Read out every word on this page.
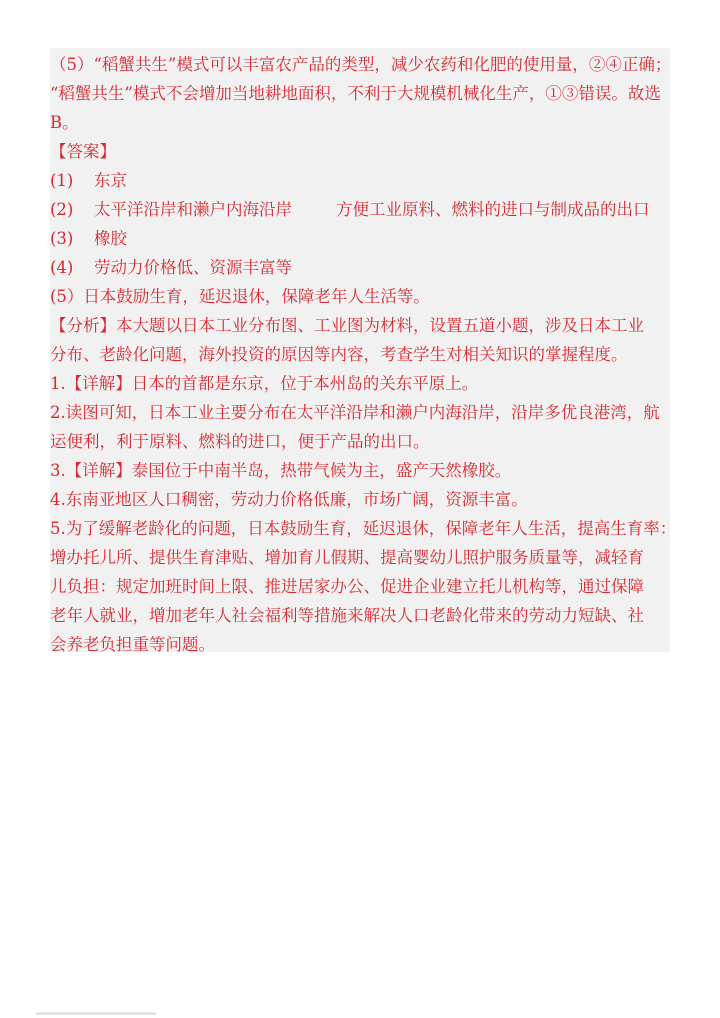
（5）“稻蟹共生”模式可以丰富农产品的类型，减少农药和化肥的使用量，②④正确；
“稻蟹共生”模式不会增加当地耕地面积，不利于大规模机械化生产，①③错误。故选
B。
【答案】
(1) 东京
(2) 太平洋沿岸和濑户内海沿岸	方便工业原料、燃料的进口与制成品的出口
(3) 橡胶
(4) 劳动力价格低、资源丰富等
(5）日本鼓励生育，延迟退休，保障老年人生活等。
【分析】本大题以日本工业分布图、工业图为材料，设置五道小题，涉及日本工业
分布、老龄化问题，海外投资的原因等内容，考查学生对相关知识的掌握程度。
1.【详解】日本的首都是东京，位于本州岛的关东平原上。
2.读图可知，日本工业主要分布在太平洋沿岸和濑户内海沿岸，沿岸多优良港湾，航
运便利，利于原料、燃料的进口，便于产品的出口。
3.【详解】泰国位于中南半岛，热带气候为主，盛产天然橡胶。
4.东南亚地区人口稠密，劳动力价格低廉，市场广阔，资源丰富。
5.为了缓解老龄化的问题，日本鼓励生育，延迟退休，保障老年人生活，提高生育率：
增办托儿所、提供生育津贴、增加育儿假期、提高婴幼儿照护服务质量等，减轻育
儿负担：规定加班时间上限、推进居家办公、促进企业建立托儿机构等，通过保障
老年人就业，增加老年人社会福利等措施来解决人口老龄化带来的劳动力短缺、社
会养老负担重等问题。
